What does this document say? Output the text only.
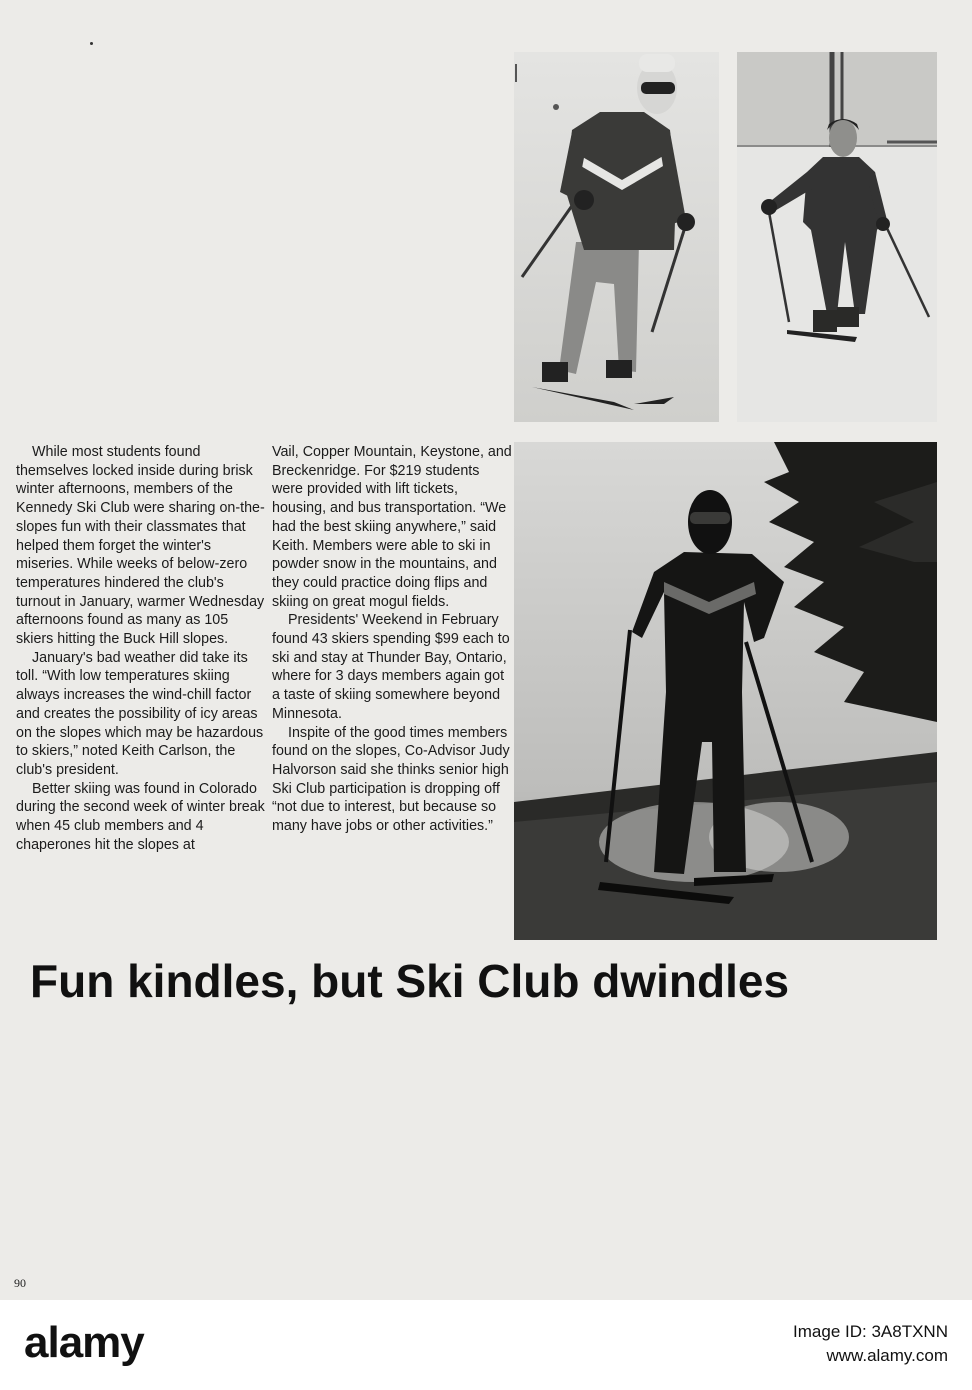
While most students found themselves locked inside during brisk winter afternoons, members of the Kennedy Ski Club were sharing on-the-slopes fun with their classmates that helped them forget the winter's miseries. While weeks of below-zero temperatures hindered the club's turnout in January, warmer Wednesday afternoons found as many as 105 skiers hitting the Buck Hill slopes.

January's bad weather did take its toll. “With low temperatures skiing always increases the wind-chill factor and creates the possibility of icy areas on the slopes which may be hazardous to skiers,” noted Keith Carlson, the club's president.

Better skiing was found in Colorado during the second week of winter break when 45 club members and 4 chaperones hit the slopes at

Vail, Copper Mountain, Keystone, and Breckenridge. For $219 students were provided with lift tickets, housing, and bus transportation. “We had the best skiing anywhere,” said Keith. Members were able to ski in powder snow in the mountains, and they could practice doing flips and skiing on great mogul fields.

Presidents' Weekend in February found 43 skiers spending $99 each to ski and stay at Thunder Bay, Ontario, where for 3 days members again got a taste of skiing somewhere beyond Minnesota.

Inspite of the good times members found on the slopes, Co-Advisor Judy Halvorson said she thinks senior high Ski Club participation is dropping off “not due to interest, but because so many have jobs or other activities.”

Fun kindles, but Ski Club dwindles
90
alamy	Image ID: 3A8TXNN
www.alamy.com
